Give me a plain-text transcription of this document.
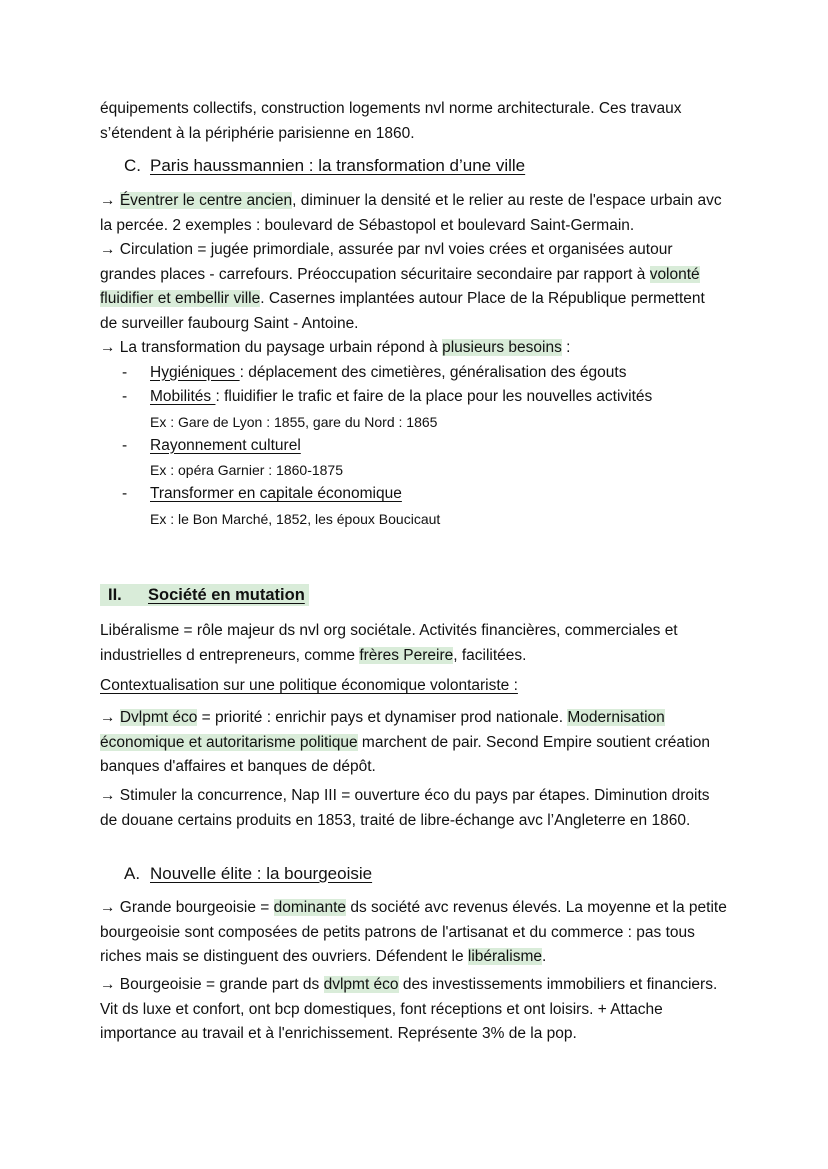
équipements collectifs, construction logements nvl norme architecturale. Ces travaux

s’étendent à la périphérie parisienne en 1860.

C. Paris haussmannien : la transformation d’une ville

→ Éventrer le centre ancien, diminuer la densité et le relier au reste de l'espace urbain avc la percée. 2 exemples : boulevard de Sébastopol et boulevard Saint-Germain.

→ Circulation = jugée primordiale, assurée par nvl voies crées et organisées autour grandes places - carrefours. Préoccupation sécuritaire secondaire par rapport à volonté fluidifier et embellir ville. Casernes implantées autour Place de la République permettent de surveiller faubourg Saint - Antoine.

→ La transformation du paysage urbain répond à plusieurs besoins :

-	Hygiéniques : déplacement des cimetières, généralisation des égouts
-	Mobilités : fluidifier le trafic et faire de la place pour les nouvelles activités
Ex : Gare de Lyon : 1855, gare du Nord : 1865
-	Rayonnement culturel
Ex : opéra Garnier : 1860-1875
-	Transformer en capitale économique
Ex : le Bon Marché, 1852, les époux Boucicaut

II. Société en mutation

Libéralisme = rôle majeur ds nvl org sociétale. Activités financières, commerciales et industrielles d entrepreneurs, comme frères Pereire, facilitées.

Contextualisation sur une politique économique volontariste :

→ Dvlpmt éco = priorité : enrichir pays et dynamiser prod nationale. Modernisation économique et autoritarisme politique marchent de pair. Second Empire soutient création banques d'affaires et banques de dépôt.

→ Stimuler la concurrence, Nap III = ouverture éco du pays par étapes. Diminution droits de douane certains produits en 1853, traité de libre-échange avc l’Angleterre en 1860.

A. Nouvelle élite : la bourgeoisie

→ Grande bourgeoisie = dominante ds société avc revenus élevés. La moyenne et la petite bourgeoisie sont composées de petits patrons de l'artisanat et du commerce : pas tous riches mais se distinguent des ouvriers. Défendent le libéralisme.

→ Bourgeoisie = grande part ds dvlpmt éco des investissements immobiliers et financiers. Vit ds luxe et confort, ont bcp domestiques, font réceptions et ont loisirs. + Attache importance au travail et à l'enrichissement. Représente 3% de la pop.
